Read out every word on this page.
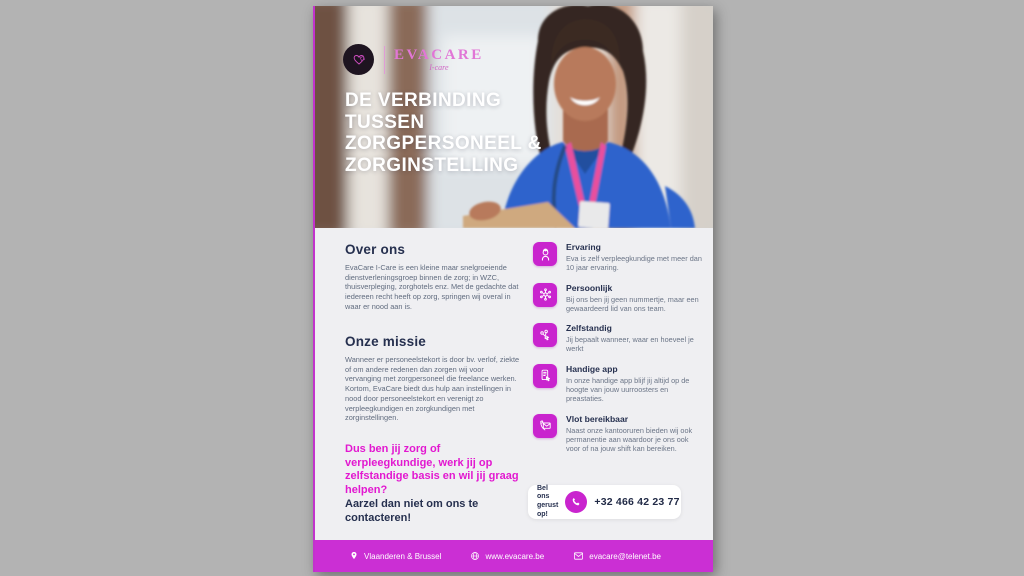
EVACARE
I-care
DE VERBINDING
TUSSEN
ZORGPERSONEEL &
ZORGINSTELLING
Over ons
EvaCare I-Care is een kleine maar snelgroeiende dienstverleningsgroep binnen de zorg; in WZC, thuisverpleging, zorghotels enz. Met de gedachte dat iedereen recht heeft op zorg, springen wij overal in waar er nood aan is.
Onze missie
Wanneer er personeelstekort is door bv. verlof, ziekte of om andere redenen dan zorgen wij voor vervanging met zorgpersoneel die freelance werken. Kortom, EvaCare biedt dus hulp aan instellingen in nood door personeelstekort en verenigt zo verpleegkundigen en zorgkundigen met zorginstellingen.
Dus ben jij zorg of verpleegkundige, werk jij op zelfstandige basis en wil jij graag helpen?
Aarzel dan niet om ons te contacteren!
Ervaring
Eva is zelf verpleegkundige met meer dan 10 jaar ervaring.
Persoonlijk
Bij ons ben jij geen nummertje, maar een gewaardeerd lid van ons team.
Zelfstandig
Jij bepaalt wanneer, waar en hoeveel je werkt
Handige app
In onze handige app blijf jij altijd op de hoogte van jouw uurroosters en preastaties.
Vlot bereikbaar
Naast onze kantooruren bieden wij ook permanentie aan waardoor je ons ook voor of na jouw shift kan bereiken.
Bel ons gerust op!
+32 466 42 23 77
Vlaanderen & Brussel	www.evacare.be	evacare@telenet.be
